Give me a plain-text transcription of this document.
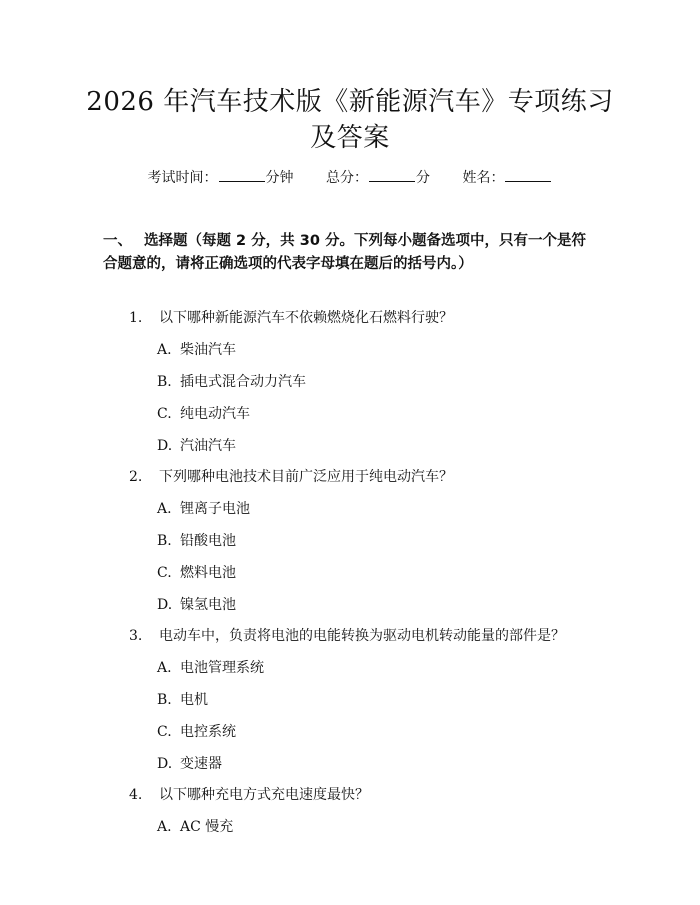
2026 年汽车技术版《新能源汽车》专项练习
及答案
考试时间：	分钟 总分：	分 姓名：
一、 选择题（每题 2 分，共 30 分。下列每小题备选项中，只有一个是符合题意的，请将正确选项的代表字母填在题后的括号内。）
1. 以下哪种新能源汽车不依赖燃烧化石燃料行驶？
A. 柴油汽车
B. 插电式混合动力汽车
C. 纯电动汽车
D. 汽油汽车
2. 下列哪种电池技术目前广泛应用于纯电动汽车？
A. 锂离子电池
B. 铅酸电池
C. 燃料电池
D. 镍氢电池
3. 电动车中，负责将电池的电能转换为驱动电机转动能量的部件是？
A. 电池管理系统
B. 电机
C. 电控系统
D. 变速器
4. 以下哪种充电方式充电速度最快？
A. AC 慢充
